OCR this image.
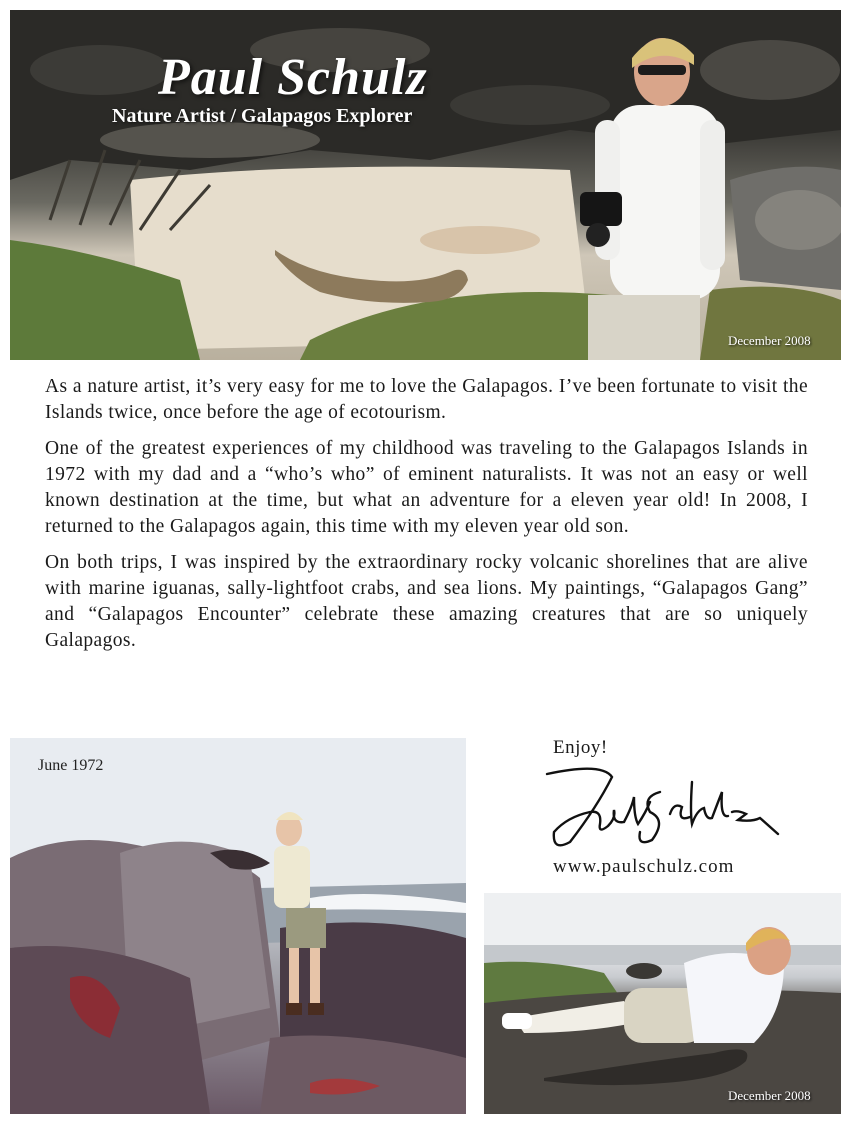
Paul Schulz
Nature Artist / Galapagos Explorer
December 2008

As a nature artist, it’s very easy for me to love the Galapagos. I’ve been fortunate to visit the Islands twice, once before the age of ecotourism.

One of the greatest experiences of my childhood was traveling to the Galapagos Islands in 1972 with my dad and a “who’s who” of eminent naturalists. It was not an easy or well known destination at the time, but what an adventure for a eleven year old! In 2008, I returned to the Galapagos again, this time with my eleven year old son.

On both trips, I was inspired by the extraordinary rocky volcanic shorelines that are alive with marine iguanas, sally-lightfoot crabs, and sea lions. My paintings, “Galapagos Gang” and “Galapagos Encounter” celebrate these amazing creatures that are so uniquely Galapagos.

June 1972
Enjoy!
www.paulschulz.com
December 2008
